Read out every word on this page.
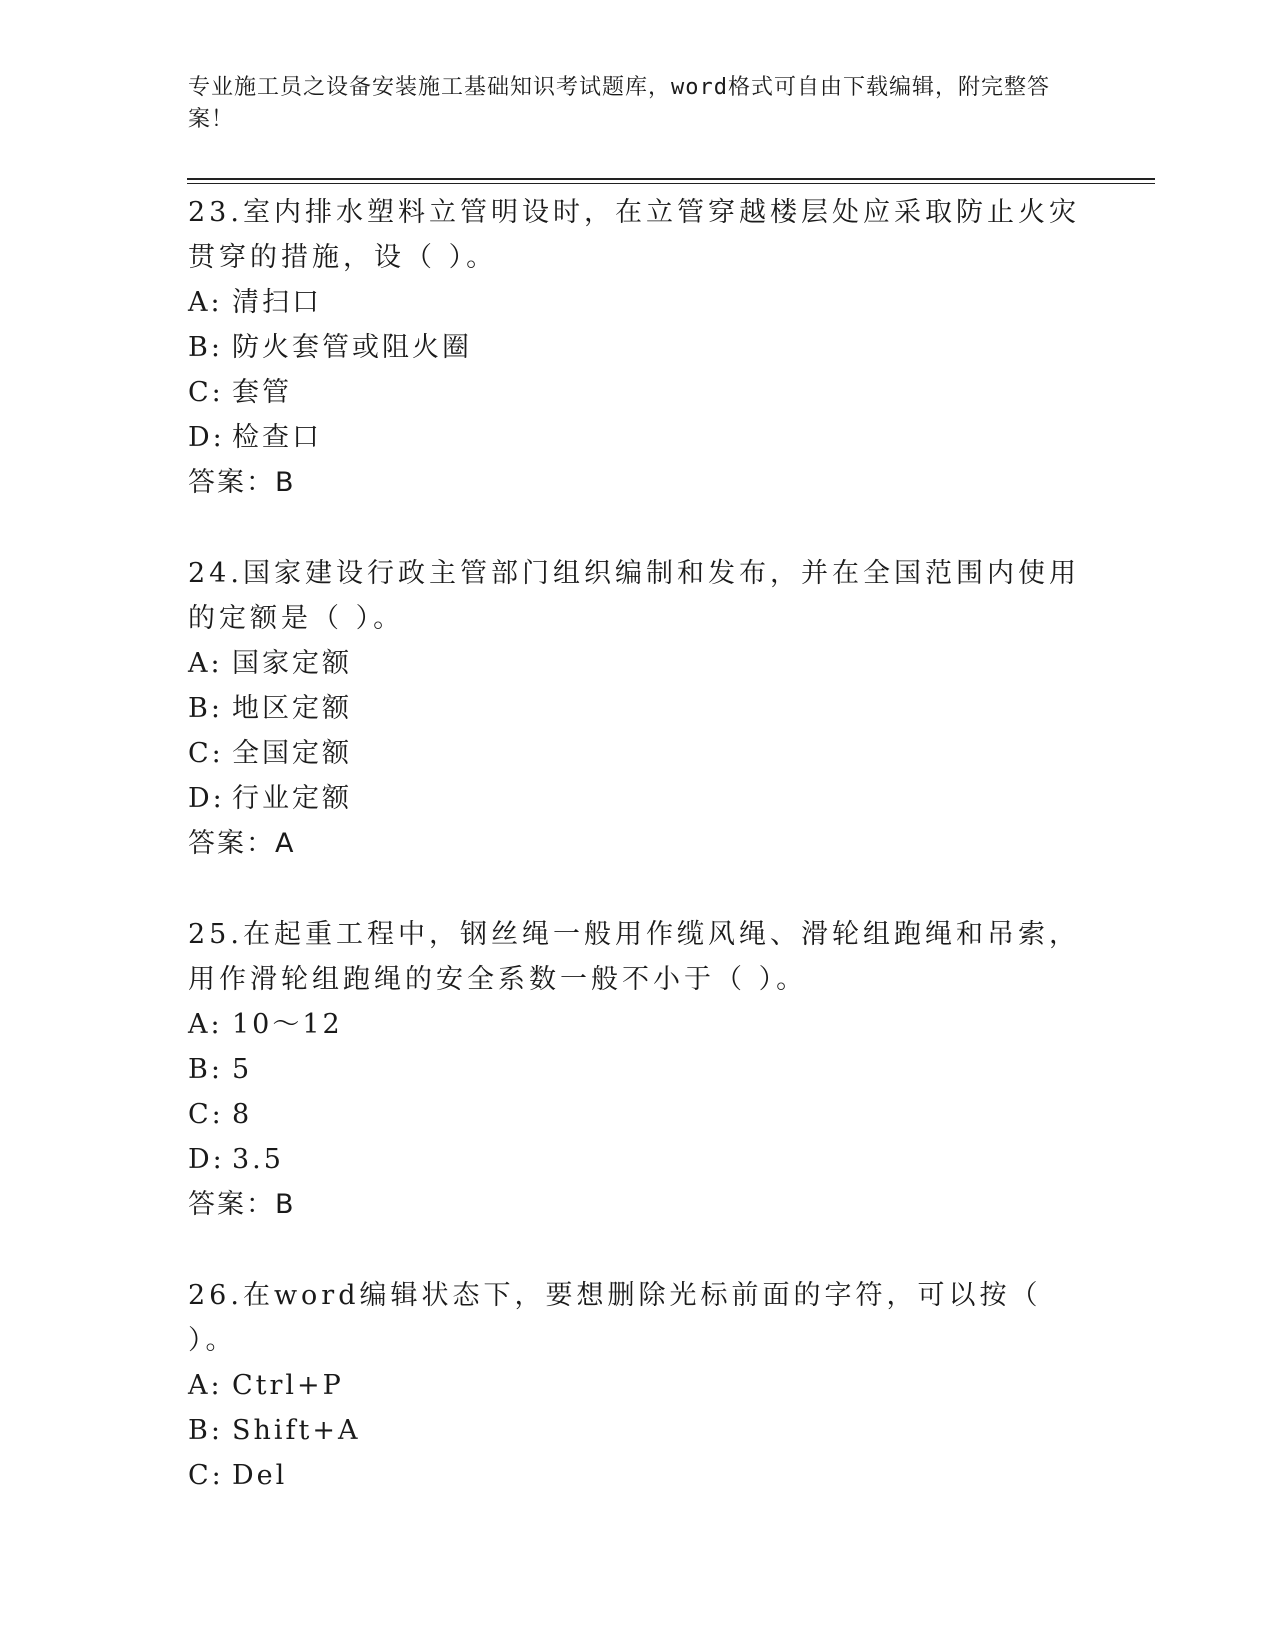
专业施工员之设备安装施工基础知识考试题库，word格式可自由下载编辑，附完整答案！

23.室内排水塑料立管明设时，在立管穿越楼层处应采取防止火灾贯穿的措施，设（ ）。

A: 清扫口
B: 防火套管或阻火圈
C: 套管
D: 检查口

答案：B

24.国家建设行政主管部门组织编制和发布，并在全国范围内使用的定额是（ ）。

A: 国家定额
B: 地区定额
C: 全国定额
D: 行业定额

答案：A

25.在起重工程中，钢丝绳一般用作缆风绳、滑轮组跑绳和吊索，用作滑轮组跑绳的安全系数一般不小于（ ）。

A: 10～12
B: 5
C: 8
D: 3.5

答案：B

26.在word编辑状态下，要想删除光标前面的字符，可以按（ ）。

A: Ctrl+P
B: Shift+A
C: Del
